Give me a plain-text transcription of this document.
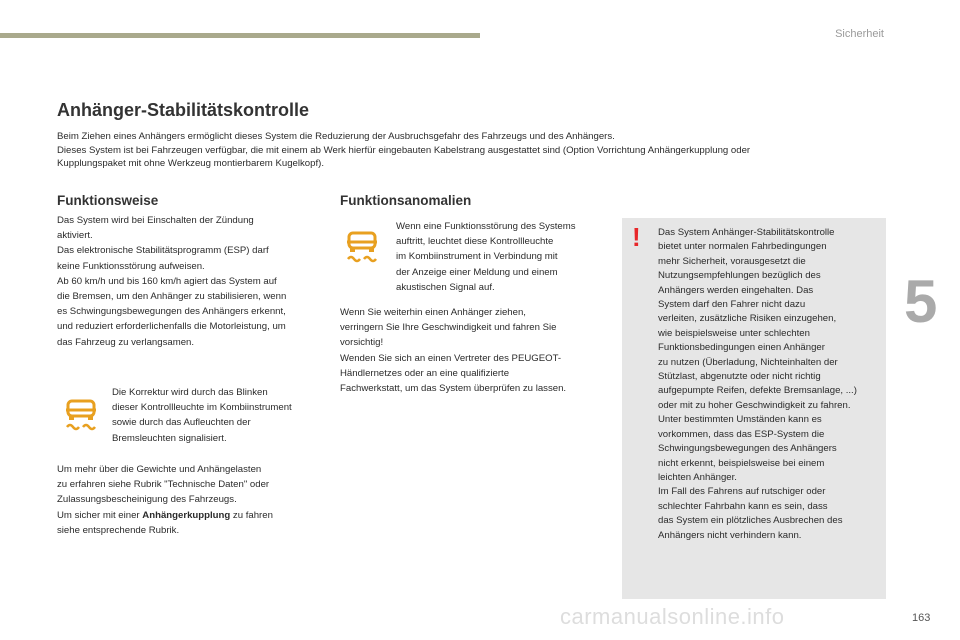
Sicherheit
5
Anhänger-Stabilitätskontrolle

Beim Ziehen eines Anhängers ermöglicht dieses System die Reduzierung der Ausbruchsgefahr des Fahrzeugs und des Anhängers.

Dieses System ist bei Fahrzeugen verfügbar, die mit einem ab Werk hierfür eingebauten Kabelstrang ausgestattet sind (Option Vorrichtung Anhängerkupplung oder

Kupplungspaket mit ohne Werkzeug montierbarem Kugelkopf).

Funktionsweise
Das System wird bei Einschalten der Zündung
aktiviert.
Das elektronische Stabilitätsprogramm (ESP) darf
keine Funktionsstörung aufweisen.
Ab 60 km/h und bis 160 km/h agiert das System auf
die Bremsen, um den Anhänger zu stabilisieren, wenn
es Schwingungsbewegungen des Anhängers erkennt,
und reduziert erforderlichenfalls die Motorleistung, um
das Fahrzeug zu verlangsamen.
Die Korrektur wird durch das Blinken
dieser Kontrollleuchte im Kombiinstrument
sowie durch das Aufleuchten der
Bremsleuchten signalisiert.
Um mehr über die Gewichte und Anhängelasten
zu erfahren siehe Rubrik "Technische Daten" oder
Zulassungsbescheinigung des Fahrzeugs.
Um sicher mit einer Anhängerkupplung zu fahren
siehe entsprechende Rubrik.
Funktionsanomalien
Wenn eine Funktionsstörung des Systems
auftritt, leuchtet diese Kontrollleuchte
im Kombiinstrument in Verbindung mit
der Anzeige einer Meldung und einem
akustischen Signal auf.
Wenn Sie weiterhin einen Anhänger ziehen,
verringern Sie Ihre Geschwindigkeit und fahren Sie
vorsichtig!
Wenden Sie sich an einen Vertreter des PEUGEOT-
Händlernetzes oder an eine qualifizierte
Fachwerkstatt, um das System überprüfen zu lassen.
! Das System Anhänger-Stabilitätskontrolle
bietet unter normalen Fahrbedingungen
mehr Sicherheit, vorausgesetzt die
Nutzungsempfehlungen bezüglich des
Anhängers werden eingehalten. Das
System darf den Fahrer nicht dazu
verleiten, zusätzliche Risiken einzugehen,
wie beispielsweise unter schlechten
Funktionsbedingungen einen Anhänger
zu nutzen (Überladung, Nichteinhalten der
Stützlast, abgenutzte oder nicht richtig
aufgepumpte Reifen, defekte Bremsanlage, ...)
oder mit zu hoher Geschwindigkeit zu fahren.
Unter bestimmten Umständen kann es
vorkommen, dass das ESP-System die
Schwingungsbewegungen des Anhängers
nicht erkennt, beispielsweise bei einem
leichten Anhänger.
Im Fall des Fahrens auf rutschiger oder
schlechter Fahrbahn kann es sein, dass
das System ein plötzliches Ausbrechen des
Anhängers nicht verhindern kann.
carmanualsonline.info	163
